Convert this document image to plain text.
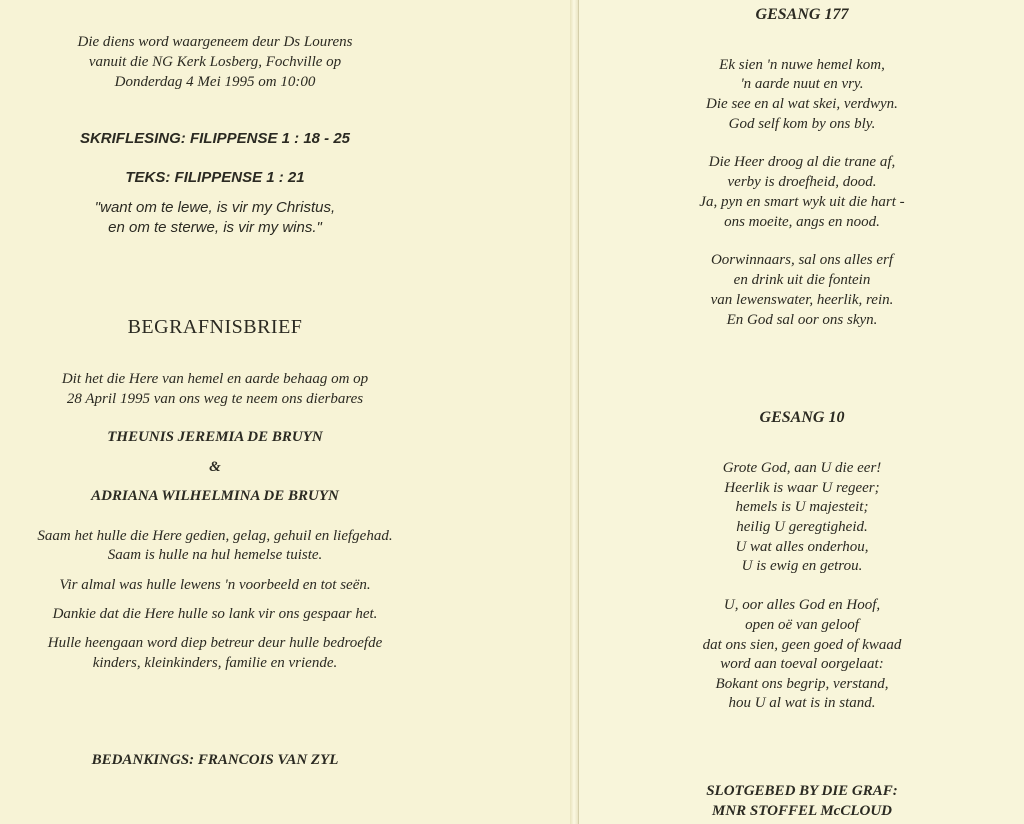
Die diens word waargeneem deur Ds Lourens
vanuit die NG Kerk Losberg, Fochville op
Donderdag 4 Mei 1995 om 10:00
SKRIFLESING: FILIPPENSE 1 : 18 - 25
TEKS: FILIPPENSE 1 : 21
"want om te lewe, is vir my Christus,
en om te sterwe, is vir my wins."
BEGRAFNISBRIEF
Dit het die Here van hemel en aarde behaag om op
28 April 1995 van ons weg te neem ons dierbares
THEUNIS JEREMIA DE BRUYN
&
ADRIANA WILHELMINA DE BRUYN
Saam het hulle die Here gedien, gelag, gehuil en liefgehad.
Saam is hulle na hul hemelse tuiste.
Vir almal was hulle lewens 'n voorbeeld en tot seën.
Dankie dat die Here hulle so lank vir ons gespaar het.
Hulle heengaan word diep betreur deur hulle bedroefde
kinders, kleinkinders, familie en vriende.
BEDANKINGS: FRANCOIS VAN ZYL
GESANG 177
Ek sien 'n nuwe hemel kom,
'n aarde nuut en vry.
Die see en al wat skei, verdwyn.
God self kom by ons bly.
Die Heer droog al die trane af,
verby is droefheid, dood.
Ja, pyn en smart wyk uit die hart -
ons moeite, angs en nood.
Oorwinnaars, sal ons alles erf
en drink uit die fontein
van lewenswater, heerlik, rein.
En God sal oor ons skyn.
GESANG 10
Grote God, aan U die eer!
Heerlik is waar U regeer;
hemels is U majesteit;
heilig U geregtigheid.
U wat alles onderhou,
U is ewig en getrou.
U, oor alles God en Hoof,
open oë van geloof
dat ons sien, geen goed of kwaad
word aan toeval oorgelaat:
Bokant ons begrip, verstand,
hou U al wat is in stand.
SLOTGEBED BY DIE GRAF:
MNR STOFFEL McCLOUD
